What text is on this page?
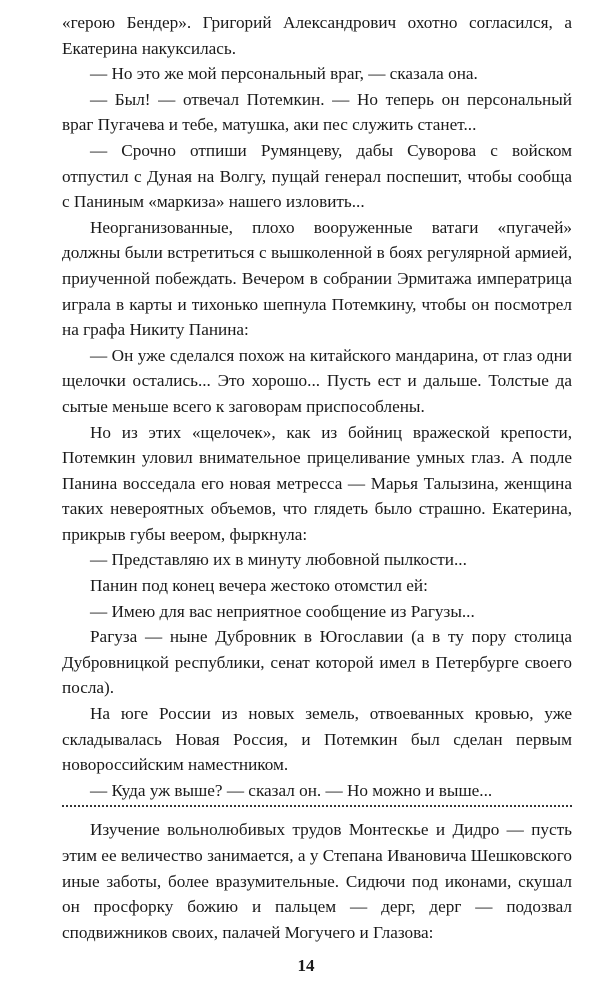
«герою Бендер». Григорий Александрович охотно согласился, а Екатерина накуксилась.

— Но это же мой персональный враг, — сказала она.

— Был! — отвечал Потемкин. — Но теперь он персональный враг Пугачева и тебе, матушка, аки пес служить станет...

— Срочно отпиши Румянцеву, дабы Суворова с войском отпустил с Дуная на Волгу, пущай генерал поспешит, чтобы сообща с Паниным «маркиза» нашего изловить...

Неорганизованные, плохо вооруженные ватаги «пугачей» должны были встретиться с вышколенной в боях регулярной армией, приученной побеждать. Вечером в собрании Эрмитажа императрица играла в карты и тихонько шепнула Потемкину, чтобы он посмотрел на графа Никиту Панина:

— Он уже сделался похож на китайского мандарина, от глаз одни щелочки остались... Это хорошо... Пусть ест и дальше. Толстые да сытые меньше всего к заговорам приспособлены.

Но из этих «щелочек», как из бойниц вражеской крепости, Потемкин уловил внимательное прицеливание умных глаз. А подле Панина восседала его новая метресса — Марья Талызина, женщина таких невероятных объемов, что глядеть было страшно. Екатерина, прикрыв губы веером, фыркнула:

— Представляю их в минуту любовной пылкости...

Панин под конец вечера жестоко отомстил ей:

— Имею для вас неприятное сообщение из Рагузы...

Рагуза — ныне Дубровник в Югославии (а в ту пору столица Дубровницкой республики, сенат которой имел в Петербурге своего посла).

На юге России из новых земель, отвоеванных кровью, уже складывалась Новая Россия, и Потемкин был сделан первым новороссийским наместником.

— Куда уж выше? — сказал он. — Но можно и выше...

Изучение вольнолюбивых трудов Монтескье и Дидро — пусть этим ее величество занимается, а у Степана Ивановича Шешковского иные заботы, более вразумительные. Сидючи под иконами, скушал он просфорку божию и пальцем — дерг, дерг — подозвал сподвижников своих, палачей Могучего и Глазова:

14
